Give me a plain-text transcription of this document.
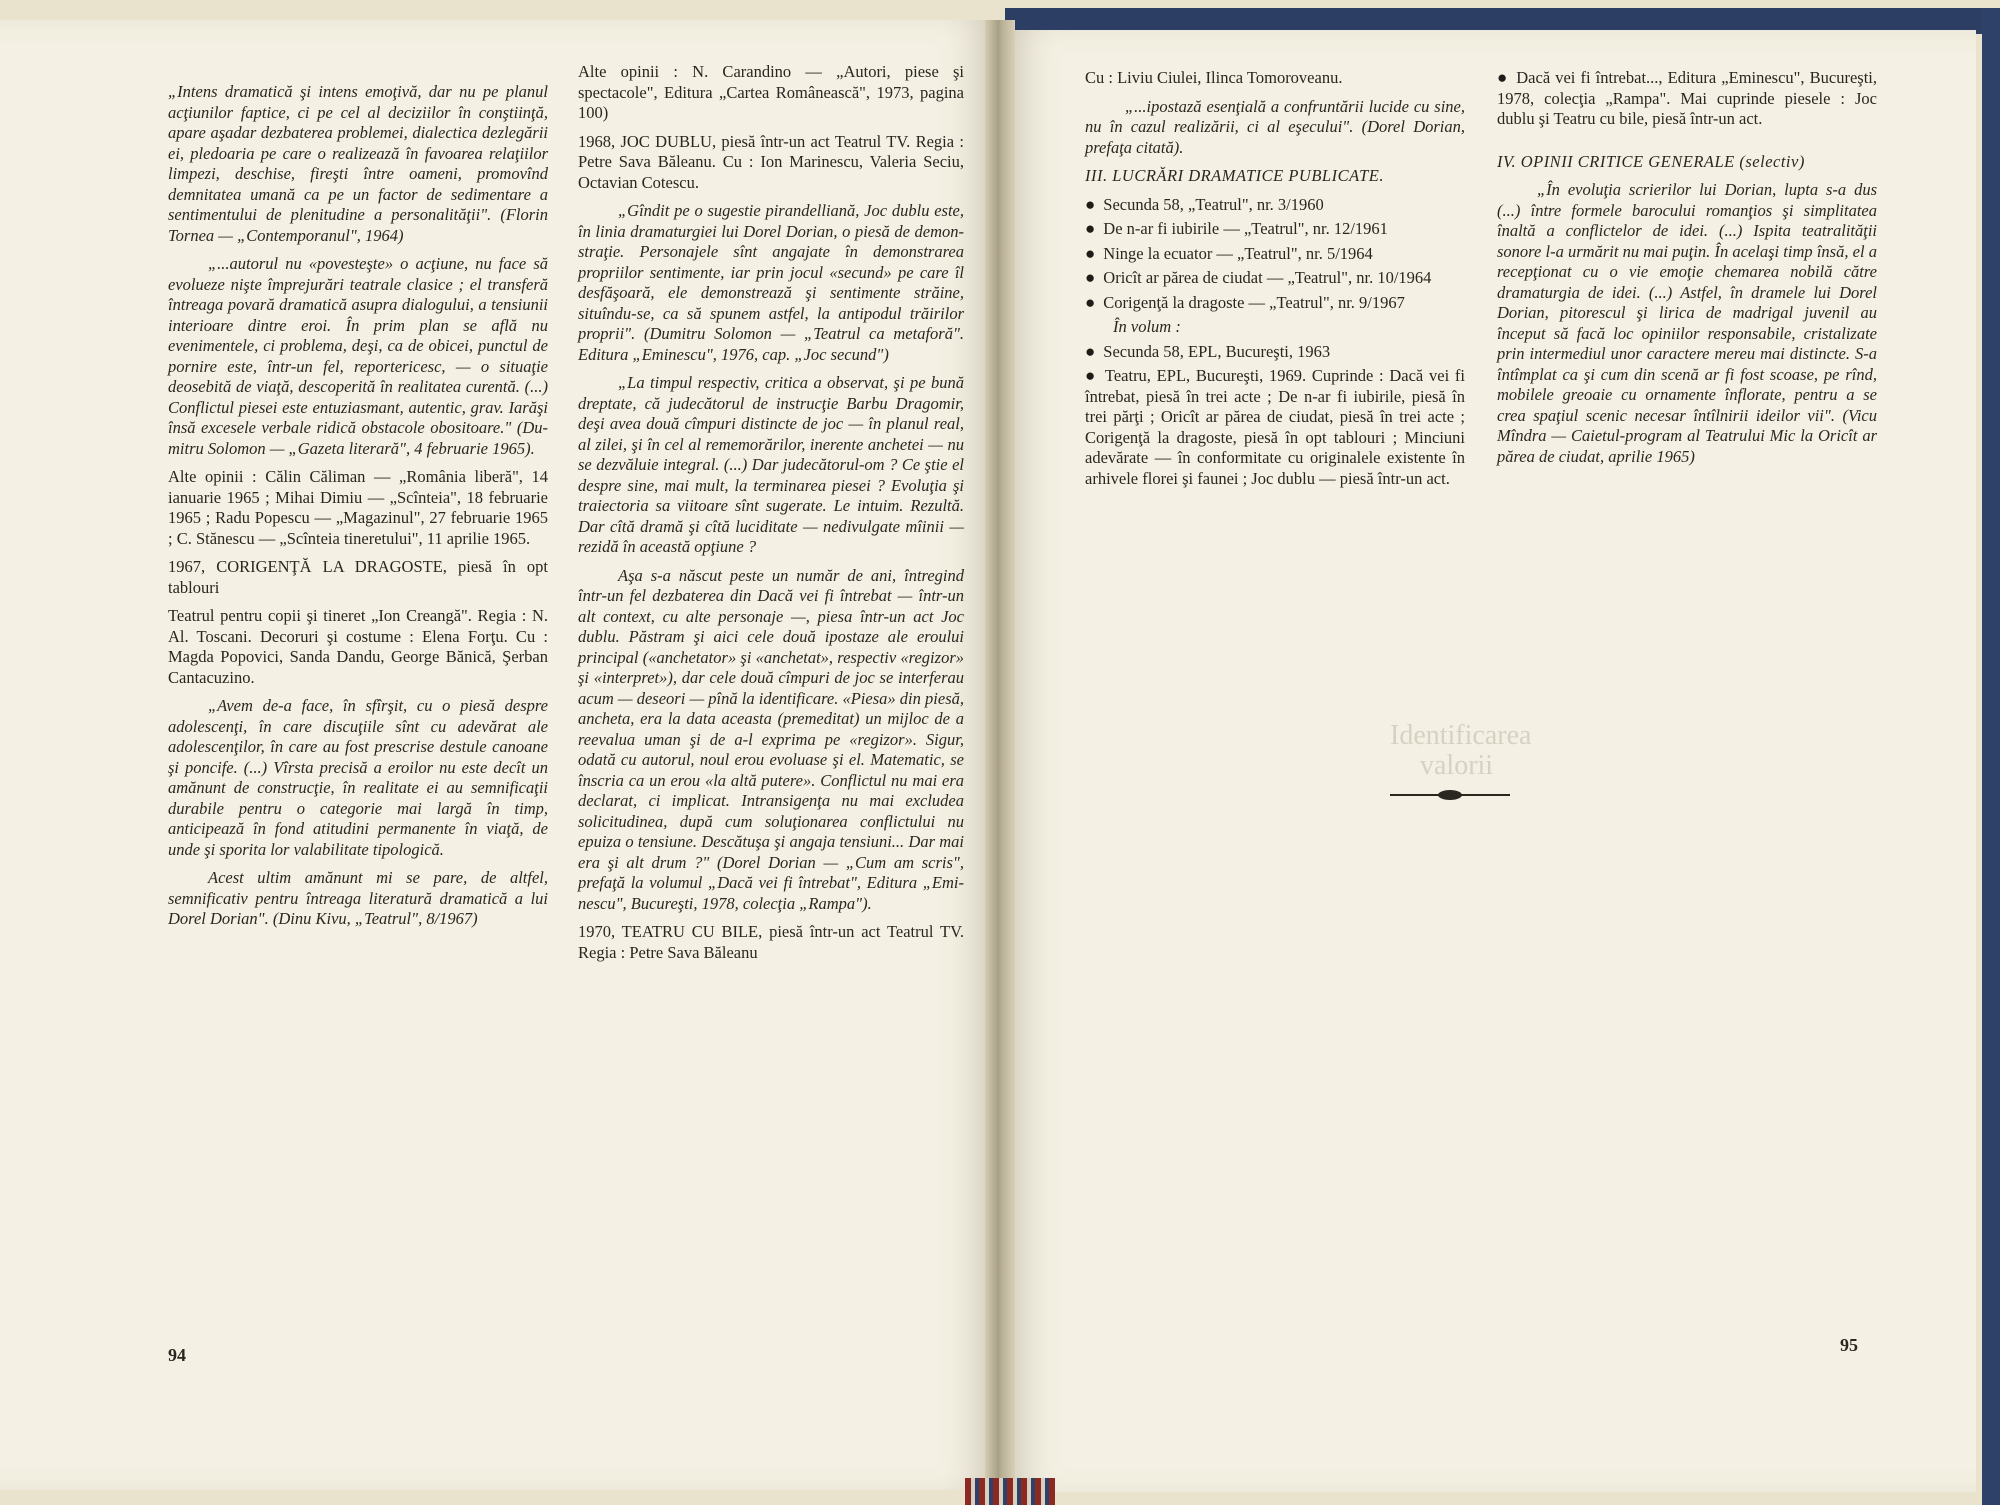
Identificarea
valorii

„Intens dramatică şi intens emoţivă, dar nu pe planul acţiunilor faptice, ci pe cel al deciziilor în conştiinţă, apare aşadar dezbaterea problemei, dialectica dezlegării ei, pledoaria pe care o realizează în favoarea relaţiilor limpezi, deschise, fireşti între oameni, promovînd demnitatea umană ca pe un factor de sedimentare a sentimentului de plenitudine a personalităţii". (Florin Tornea — „Contemporanul", 1964)

„...autorul nu «povesteşte» o acţiune, nu face să evolueze nişte împrejurări teatrale clasice ; el transferă întreaga povară dramatică asupra dialogului, a tensiunii interioare dintre eroi. În prim plan se află nu evenimentele, ci problema, deşi, ca de obicei, punctul de pornire este, într-un fel, reportericesc, — o situaţie deosebită de viaţă, descoperită în realitatea curentă. (...) Conflictul piesei este entuziasmant, autentic, grav. Iarăşi însă excesele verbale ridică obstacole obositoare." (Dumitru Solomon — „Gazeta literară", 4 februarie 1965).

Alte opinii : Călin Căliman — „România liberă", 14 ianuarie 1965 ; Mihai Dimiu — „Scînteia", 18 februarie 1965 ; Radu Popescu — „Magazinul", 27 februarie 1965 ; C. Stănescu — „Scînteia tineretului", 11 aprilie 1965.

1967, CORIGENŢĂ LA DRAGOSTE, piesă în opt tablouri

Teatrul pentru copii şi tineret „Ion Creangă". Regia : N. Al. Toscani. Decoruri şi costume : Elena Forţu. Cu : Magda Popovici, Sanda Dandu, George Bănică, Şerban Cantacuzino.

„Avem de-a face, în sfîrşit, cu o piesă despre adolescenţi, în care discuţiile sînt cu adevărat ale adolescenţilor, în care au fost prescrise destule canoane şi poncife. (...) Vîrsta precisă a eroilor nu este decît un amănunt de construcţie, în realitate ei au semnificaţii durabile pentru o categorie mai largă în timp, anticipează în fond atitudini permanente în viaţă, de unde şi sporita lor valabilitate tipologică.

Acest ultim amănunt mi se pare, de altfel, semnificativ pentru întreaga literatură dramatică a lui Dorel Dorian". (Dinu Kivu, „Teatrul", 8/1967)

Alte opinii : N. Carandino — „Autori, piese şi spectacole", Editura „Cartea Românească", 1973, pagina 100)

1968, JOC DUBLU, piesă într-un act Teatrul TV. Regia : Petre Sava Băleanu. Cu : Ion Marinescu, Valeria Seciu, Octavian Cotescu.

„Gîndit pe o sugestie pirandelliană, Joc dublu este, în linia dramaturgiei lui Dorel Dorian, o piesă de demonstraţie. Personajele sînt angajate în demonstrarea propriilor sentimente, iar prin jocul «secund» pe care îl desfăşoară, ele demonstrează şi sentimente străine, situîndu-se, ca să spunem astfel, la antipodul trăirilor proprii". (Dumitru Solomon — „Teatrul ca metaforă". Editura „Eminescu", 1976, cap. „Joc secund")

„La timpul respectiv, critica a observat, şi pe bună dreptate, că judecătorul de instrucţie Barbu Dragomir, deşi avea două cîmpuri distincte de joc — în planul real, al zilei, şi în cel al rememorărilor, inerente anchetei — nu se dezvăluie integral. (...) Dar judecătorul-om ? Ce ştie el despre sine, mai mult, la terminarea piesei ? Evoluţia şi traiectoria sa viitoare sînt sugerate. Le intuim. Rezultă. Dar cîtă dramă şi cîtă luciditate — nedivulgate mîinii — rezidă în această opţiune ?

Aşa s-a născut peste un număr de ani, întregind într-un fel dezbaterea din Dacă vei fi întrebat — într-un alt context, cu alte personaje —, piesa într-un act Joc dublu. Păstram şi aici cele două ipostaze ale eroului principal («anchetator» şi «anchetat», respectiv «regizor» şi «interpret»), dar cele două cîmpuri de joc se interferau acum — deseori — pînă la identificare. «Piesa» din piesă, ancheta, era la data aceasta (premeditat) un mijloc de a reevalua uman şi de a-l exprima pe «regizor». Sigur, odată cu autorul, noul erou evoluase şi el. Matematic, se înscria ca un erou «la altă putere». Conflictul nu mai era declarat, ci implicat. Intransigenţa nu mai excludea solicitudinea, după cum soluţionarea conflictului nu epuiza o tensiune. Descătuşa şi angaja tensiuni... Dar mai era şi alt drum ?" (Dorel Dorian — „Cum am scris", prefaţă la volumul „Dacă vei fi întrebat", Editura „Eminescu", Bucureşti, 1978, colecţia „Rampa").

1970, TEATRU CU BILE, piesă într-un act Teatrul TV. Regia : Petre Sava Băleanu

Cu : Liviu Ciulei, Ilinca Tomoroveanu.

„...ipostază esenţială a confruntării lucide cu sine, nu în cazul realizării, ci al eşecului". (Dorel Dorian, prefaţa citată).

III. LUCRĂRI DRAMATICE PUBLICATE.

● Secunda 58, „Teatrul", nr. 3/1960

● De n-ar fi iubirile — „Teatrul", nr. 12/1961

● Ninge la ecuator — „Teatrul", nr. 5/1964

● Oricît ar părea de ciudat — „Teatrul", nr. 10/1964

● Corigenţă la dragoste — „Teatrul", nr. 9/1967

În volum :

● Secunda 58, EPL, Bucureşti, 1963

● Teatru, EPL, Bucureşti, 1969. Cuprinde : Dacă vei fi întrebat, piesă în trei acte ; De n-ar fi iubirile, piesă în trei părţi ; Oricît ar părea de ciudat, piesă în trei acte ; Corigenţă la dragoste, piesă în opt tablouri ; Minciuni adevărate — în conformitate cu originalele existente în arhivele florei şi faunei ; Joc dublu — piesă într-un act.

● Dacă vei fi întrebat..., Editura „Eminescu", Bucureşti, 1978, colecţia „Rampa". Mai cuprinde piesele : Joc dublu şi Teatru cu bile, piesă într-un act.

IV. OPINII CRITICE GENERALE (selectiv)

„În evoluţia scrierilor lui Dorian, lupta s-a dus (...) între formele barocului romanţios şi simplitatea înaltă a conflictelor de idei. (...) Ispita teatralităţii sonore l-a urmărit nu mai puţin. În acelaşi timp însă, el a recepţionat cu o vie emoţie chemarea nobilă către dramaturgia de idei. (...) Astfel, în dramele lui Dorel Dorian, pitorescul şi lirica de madrigal juvenil au început să facă loc opiniilor responsabile, cristalizate prin intermediul unor caractere mereu mai distincte. S-a întîmplat ca şi cum din scenă ar fi fost scoase, pe rînd, mobilele greoaie cu ornamente înflorate, pentru a se crea spaţiul scenic necesar întîlnirii ideilor vii". (Vicu Mîndra — Caietul-program al Teatrului Mic la Oricît ar părea de ciudat, aprilie 1965)

94	95
